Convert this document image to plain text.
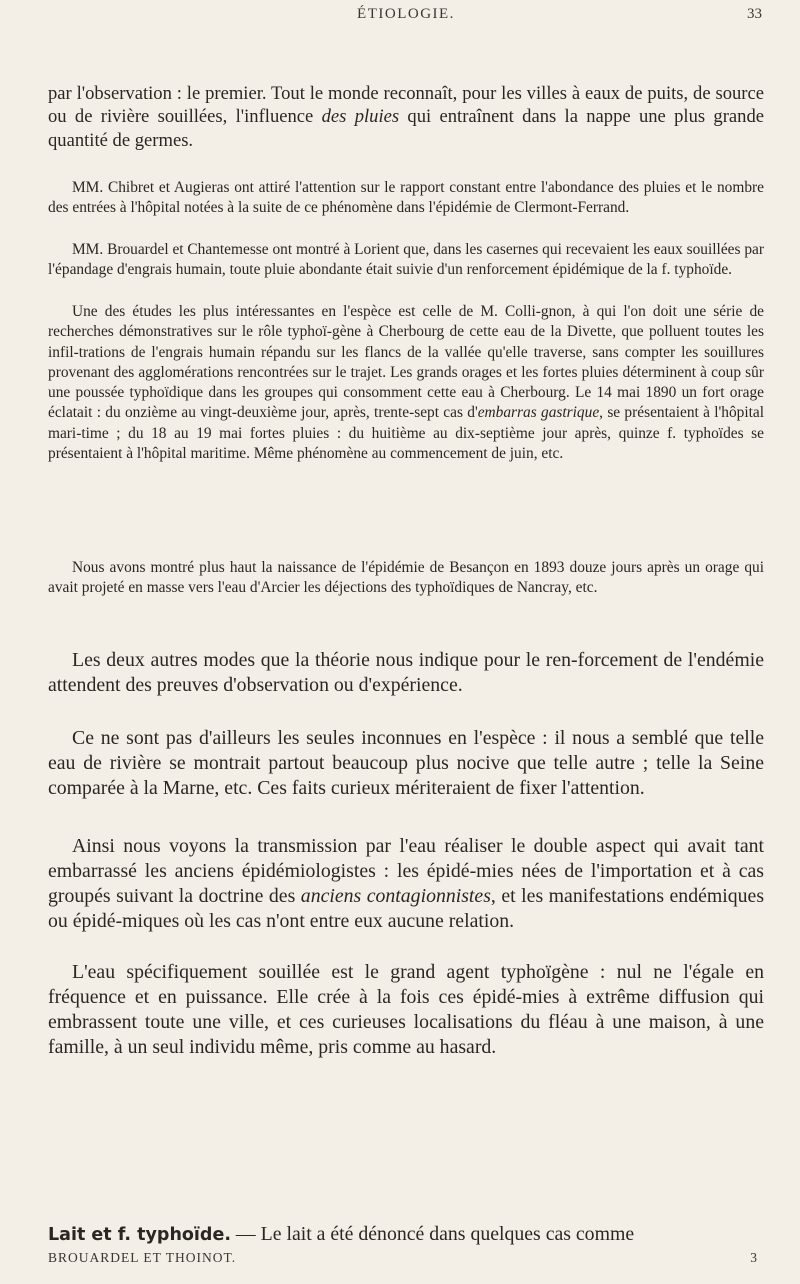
ÉTIOLOGIE.	33

par l'observation : le premier. Tout le monde reconnaît, pour les villes à eaux de puits, de source ou de rivière souillées, l'influence des pluies qui entraînent dans la nappe une plus grande quantité de germes.

MM. Chibret et Augieras ont attiré l'attention sur le rapport constant entre l'abondance des pluies et le nombre des entrées à l'hôpital notées à la suite de ce phénomène dans l'épidémie de Clermont-Ferrand.

MM. Brouardel et Chantemesse ont montré à Lorient que, dans les casernes qui recevaient les eaux souillées par l'épandage d'engrais humain, toute pluie abondante était suivie d'un renforcement épidémique de la f. typhoïde.

Une des études les plus intéressantes en l'espèce est celle de M. Colli-gnon, à qui l'on doit une série de recherches démonstratives sur le rôle typhoï-gène à Cherbourg de cette eau de la Divette, que polluent toutes les infil-trations de l'engrais humain répandu sur les flancs de la vallée qu'elle traverse, sans compter les souillures provenant des agglomérations rencontrées sur le trajet. Les grands orages et les fortes pluies déterminent à coup sûr une poussée typhoïdique dans les groupes qui consomment cette eau à Cherbourg. Le 14 mai 1890 un fort orage éclatait : du onzième au vingt-deuxième jour, après, trente-sept cas d'embarras gastrique, se présentaient à l'hôpital mari-time ; du 18 au 19 mai fortes pluies : du huitième au dix-septième jour après, quinze f. typhoïdes se présentaient à l'hôpital maritime. Même phénomène au commencement de juin, etc.

Nous avons montré plus haut la naissance de l'épidémie de Besançon en 1893 douze jours après un orage qui avait projeté en masse vers l'eau d'Arcier les déjections des typhoïdiques de Nancray, etc.

Les deux autres modes que la théorie nous indique pour le ren-forcement de l'endémie attendent des preuves d'observation ou d'expérience.

Ce ne sont pas d'ailleurs les seules inconnues en l'espèce : il nous a semblé que telle eau de rivière se montrait partout beaucoup plus nocive que telle autre ; telle la Seine comparée à la Marne, etc. Ces faits curieux mériteraient de fixer l'attention.

Ainsi nous voyons la transmission par l'eau réaliser le double aspect qui avait tant embarrassé les anciens épidémiologistes : les épidé-mies nées de l'importation et à cas groupés suivant la doctrine des anciens contagionnistes, et les manifestations endémiques ou épidé-miques où les cas n'ont entre eux aucune relation.

L'eau spécifiquement souillée est le grand agent typhoïgène : nul ne l'égale en fréquence et en puissance. Elle crée à la fois ces épidé-mies à extrême diffusion qui embrassent toute une ville, et ces curieuses localisations du fléau à une maison, à une famille, à un seul individu même, pris comme au hasard.

Lait et f. typhoïde. — Le lait a été dénoncé dans quelques cas comme

BROUARDEL ET THOINOT.	3
